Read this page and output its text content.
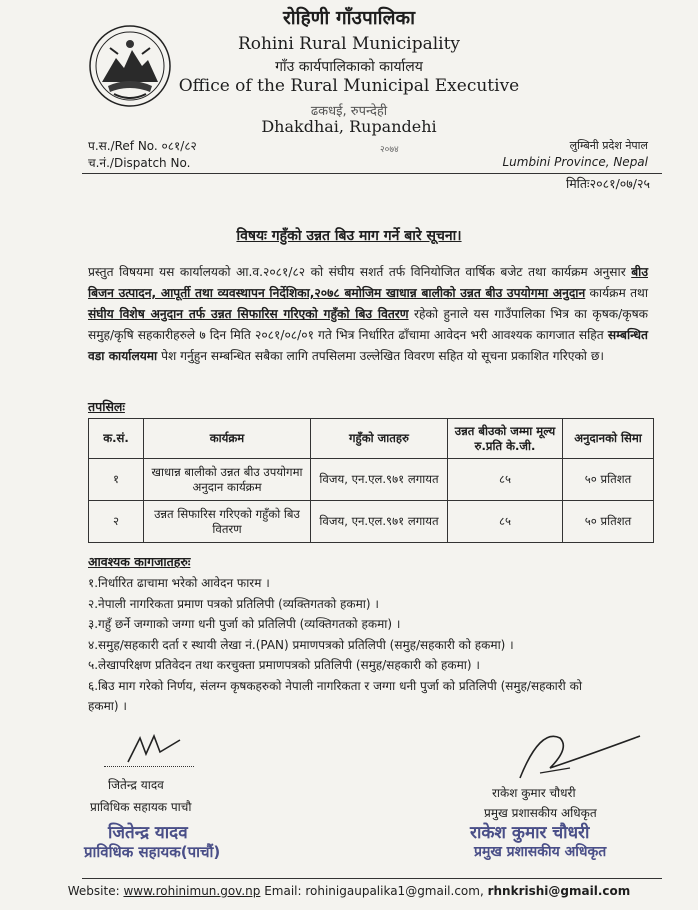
रोहिणी गाँउपालिका
Rohini Rural Municipality
गाँउ कार्यपालिकाको कार्यालय
Office of the Rural Municipal Executive
ढकधई, रुपन्देही
Dhakdhai, Rupandehi
२०७४
प.स./Ref No. ०८१/८२
च.नं./Dispatch No.
लुम्बिनी प्रदेश नेपाल
Lumbini Province, Nepal
मितिः२०८१/०७/२५
विषयः गहुँको उन्नत बिउ माग गर्ने बारे सूचना।
प्रस्तुत विषयमा यस कार्यालयको आ.व.२०८१/८२ को संघीय सशर्त तर्फ विनियोजित वार्षिक बजेट तथा कार्यक्रम अनुसार बीउ बिजन उत्पादन, आपूर्ती तथा व्यवस्थापन निर्देशिका,२०७८ बमोजिम खाधान्न बालीको उन्नत बीउ उपयोगमा अनुदान कार्यक्रम तथा संघीय विशेष अनुदान तर्फ उन्नत सिफारिस गरिएको गहुँको बिउ वितरण रहेको हुनाले यस गाउँपालिका भित्र का कृषक/कृषक समुह/कृषि सहकारीहरुले ७ दिन मिति २०८१/०८/०१ गते भित्र निर्धारित ढाँचामा आवेदन भरी आवश्यक कागजात सहित सम्बन्धित वडा कार्यालयमा पेश गर्नुहुन सम्बन्धित सबैका लागि तपसिलमा उल्लेखित विवरण सहित यो सूचना प्रकाशित गरिएको छ।
तपसिलः
क.सं.	कार्यक्रम	गहुँको जातहरु	उन्नत बीउको जम्मा मूल्य रु.प्रति के.जी.	अनुदानको सिमा
१	खाधान्न बालीको उन्नत बीउ उपयोगमा अनुदान कार्यक्रम	विजय, एन.एल.९७१ लगायत	८५	५० प्रतिशत
२	उन्नत सिफारिस गरिएको गहुँको बिउ वितरण	विजय, एन.एल.९७१ लगायत	८५	५० प्रतिशत
आवश्यक कागजातहरुः
१.निर्धारित ढाचामा भरेको आवेदन फारम ।
२.नेपाली नागरिकता प्रमाण पत्रको प्रतिलिपी (व्यक्तिगतको हकमा) ।
३.गहुँ छर्ने जग्गाको जग्गा धनी पुर्जा को प्रतिलिपी (व्यक्तिगतको हकमा) ।
४.समुह/सहकारी दर्ता र स्थायी लेखा नं.(PAN) प्रमाणपत्रको प्रतिलिपी (समुह/सहकारी को हकमा) ।
५.लेखापरिक्षण प्रतिवेदन तथा करचुक्ता प्रमाणपत्रको प्रतिलिपी (समुह/सहकारी को हकमा) ।
६.बिउ माग गरेको निर्णय, संलग्न कृषकहरुको नेपाली नागरिकता र जग्गा धनी पुर्जा को प्रतिलिपी (समुह/सहकारी को
हकमा) ।
जितेन्द्र यादव
प्राविधिक सहायक पाचौ
जितेन्द्र यादव
प्राविधिक सहायक(पाचौं)
राकेश कुमार चौधरी
प्रमुख प्रशासकीय अधिकृत
राकेश कुमार चौधरी
प्रमुख प्रशासकीय अधिकृत
Website: www.rohinimun.gov.np Email: rohinigaupalika1@gmail.com, rhnkrishi@gmail.com
